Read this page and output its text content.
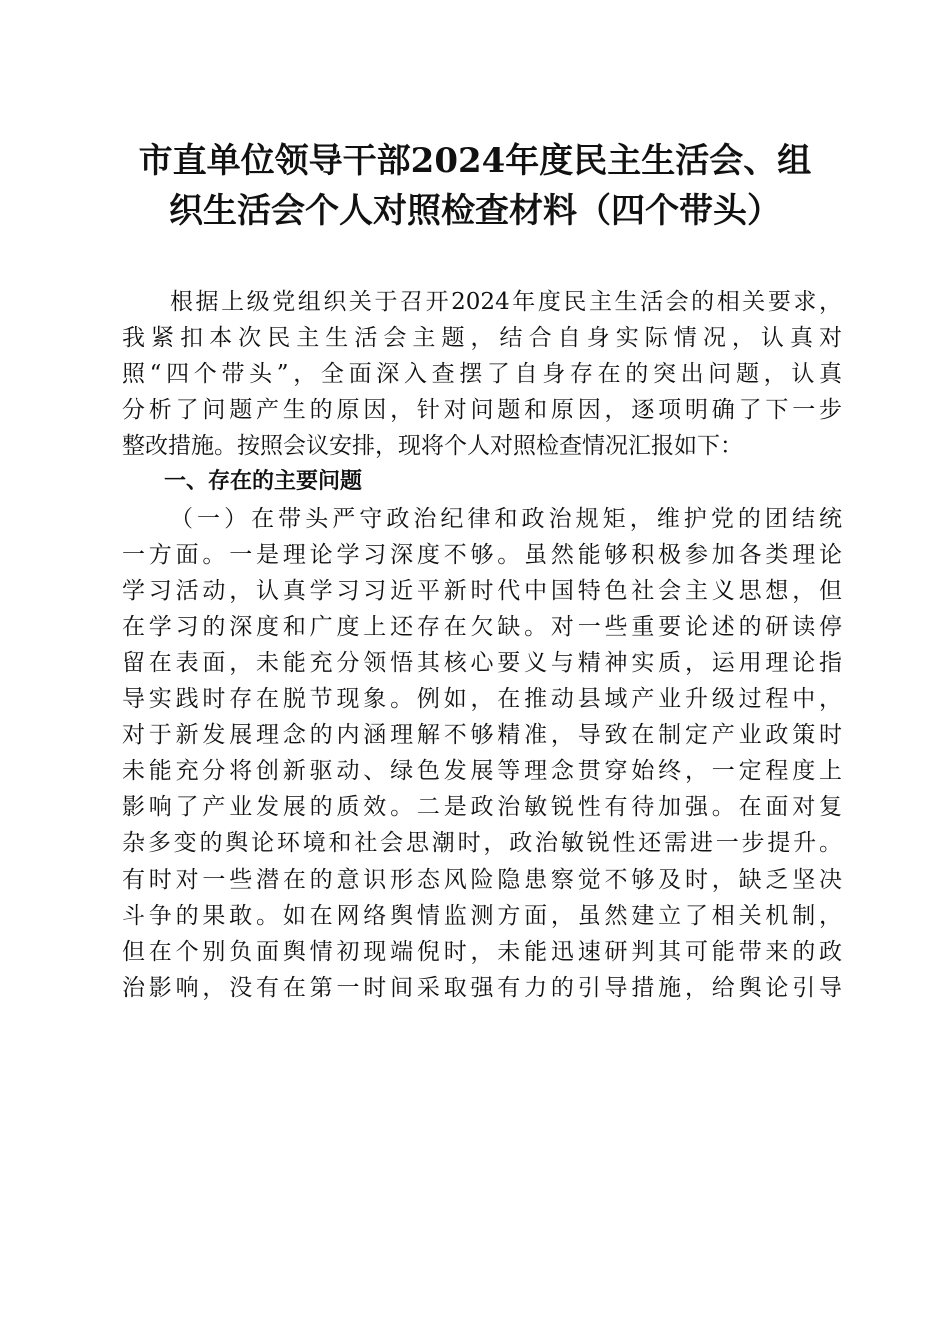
市直单位领导干部2024年度民主生活会、组
织生活会个人对照检查材料（四个带头）
根据上级党组织关于召开2024年度民主生活会的相关要求，
我紧扣本次民主生活会主题，结合自身实际情况，认真对
照“四个带头”，全面深入查摆了自身存在的突出问题，认真
分析了问题产生的原因，针对问题和原因，逐项明确了下一步
整改措施。按照会议安排，现将个人对照检查情况汇报如下：
一、存在的主要问题
（一）在带头严守政治纪律和政治规矩，维护党的团结统
一方面。一是理论学习深度不够。虽然能够积极参加各类理论
学习活动，认真学习习近平新时代中国特色社会主义思想，但
在学习的深度和广度上还存在欠缺。对一些重要论述的研读停
留在表面，未能充分领悟其核心要义与精神实质，运用理论指
导实践时存在脱节现象。例如，在推动县域产业升级过程中，
对于新发展理念的内涵理解不够精准，导致在制定产业政策时
未能充分将创新驱动、绿色发展等理念贯穿始终，一定程度上
影响了产业发展的质效。二是政治敏锐性有待加强。在面对复
杂多变的舆论环境和社会思潮时，政治敏锐性还需进一步提升。
有时对一些潜在的意识形态风险隐患察觉不够及时，缺乏坚决
斗争的果敢。如在网络舆情监测方面，虽然建立了相关机制，
但在个别负面舆情初现端倪时，未能迅速研判其可能带来的政
治影响，没有在第一时间采取强有力的引导措施，给舆论引导
